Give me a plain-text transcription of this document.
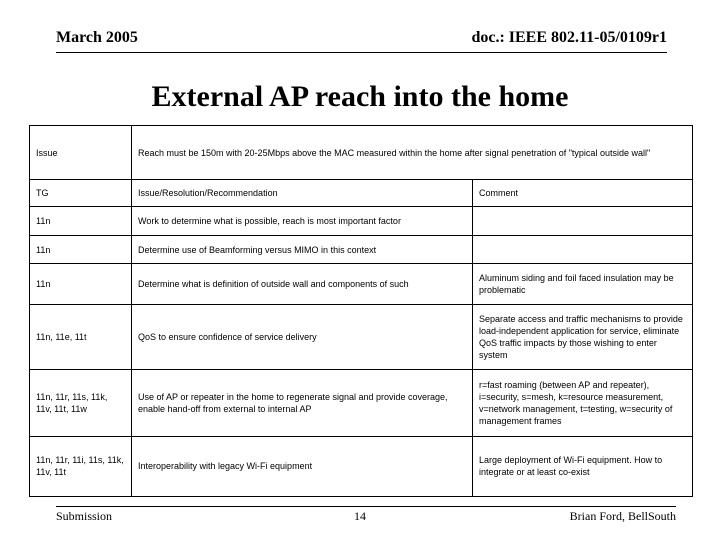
March 2005	doc.: IEEE 802.11-05/0109r1
External AP reach into the home
Issue	Reach must be 150m with 20-25Mbps above the MAC measured within the home after signal penetration of "typical outside wall"	
TG	Issue/Resolution/Recommendation	Comment
11n	Work to determine what is possible, reach is most important factor	
11n	Determine use of Beamforming versus MIMO in this context	
11n	Determine what is definition of outside wall and components of such	Aluminum siding and foil faced insulation may be problematic
11n, 11e, 11t	QoS to ensure confidence of service delivery	Separate access and traffic mechanisms to provide load-independent application for service, eliminate QoS traffic impacts by those wishing to enter system
11n, 11r, 11s, 11k, 11v, 11t, 11w	Use of AP or repeater in the home to regenerate signal and provide coverage, enable hand-off from external to internal AP	r=fast roaming (between AP and repeater), i=security, s=mesh, k=resource measurement, v=network management, t=testing, w=security of management frames
11n, 11r, 11i, 11s, 11k, 11v, 11t	Interoperability with legacy Wi-Fi equipment	Large deployment of Wi-Fi equipment. How to integrate or at least co-exist
Submission	14	Brian Ford, BellSouth
